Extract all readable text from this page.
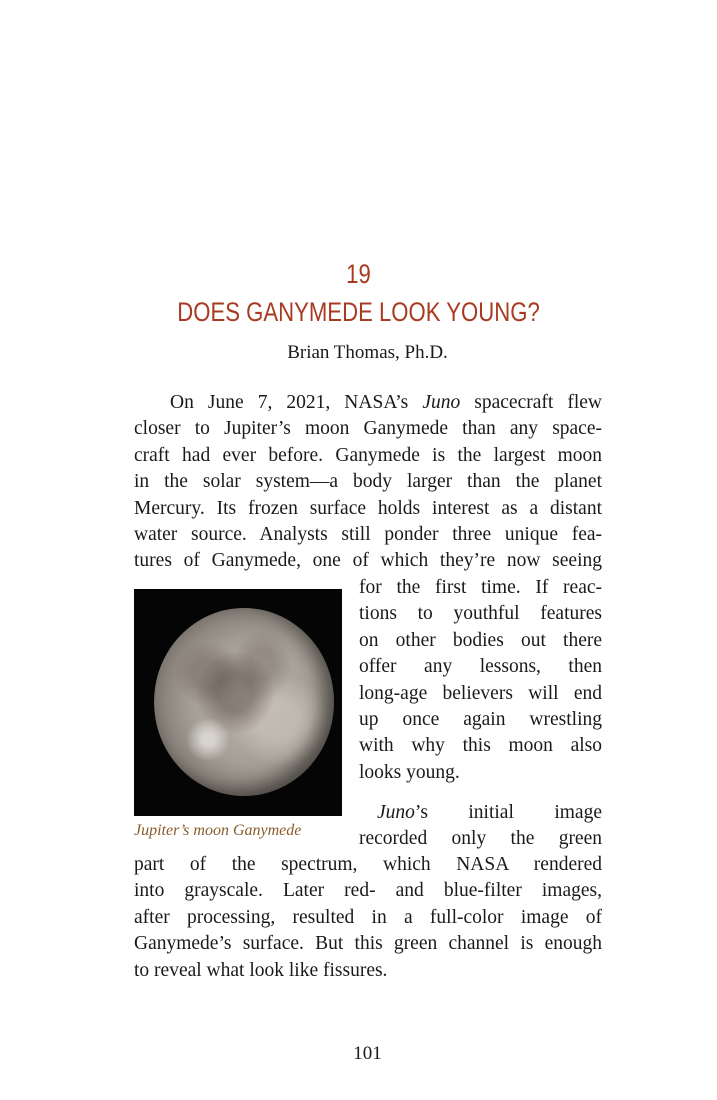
19
DOES GANYMEDE LOOK YOUNG?
Brian Thomas, Ph.D.
On June 7, 2021, NASA’s Juno spacecraft flew
closer to Jupiter’s moon Ganymede than any space-
craft had ever before. Ganymede is the largest moon
in the solar system—a body larger than the planet
Mercury. Its frozen surface holds interest as a distant
water source. Analysts still ponder three unique fea-
tures of Ganymede, one of which they’re now seeing
Jupiter’s moon Ganymede
for the first time. If reac-
tions to youthful features
on other bodies out there
offer any lessons, then
long-age believers will end
up once again wrestling
with why this moon also
looks young.
Juno’s initial image
recorded only the green
part of the spectrum, which NASA rendered
into grayscale. Later red- and blue-filter images,
after processing, resulted in a full-color image of
Ganymede’s surface. But this green channel is enough
to reveal what look like fissures.
101
